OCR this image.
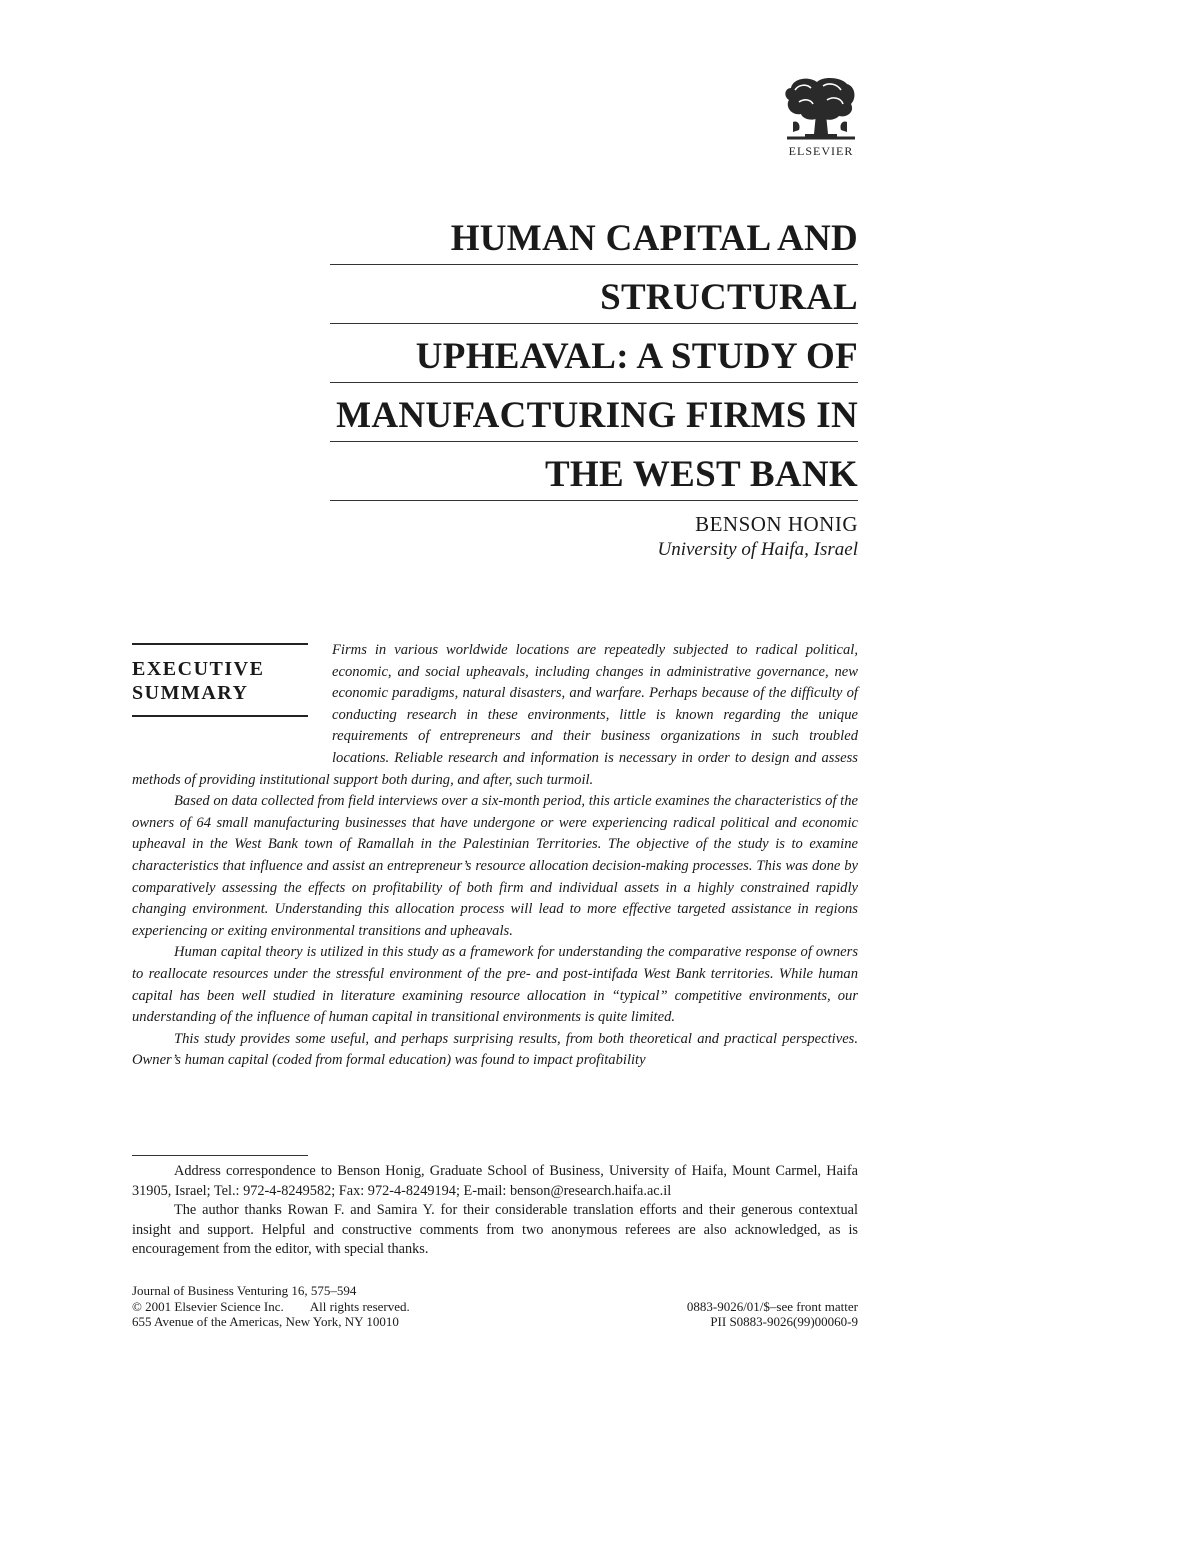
ELSEVIER
HUMAN CAPITAL AND
STRUCTURAL
UPHEAVAL: A STUDY OF
MANUFACTURING FIRMS IN
THE WEST BANK
BENSON HONIG
University of Haifa, Israel
EXECUTIVE
SUMMARY

Firms in various worldwide locations are repeatedly subjected to radical political, economic, and social upheavals, including changes in administrative governance, new economic paradigms, natural disasters, and warfare. Perhaps because of the difficulty of conducting research in these environments, little is known regarding the unique requirements of entrepreneurs and their business organizations in such troubled locations. Reliable research and information is necessary in order to design and assess methods of providing institutional support both during, and after, such turmoil.

Based on data collected from field interviews over a six-month period, this article examines the characteristics of the owners of 64 small manufacturing businesses that have undergone or were experiencing radical political and economic upheaval in the West Bank town of Ramallah in the Palestinian Territories. The objective of the study is to examine characteristics that influence and assist an entrepreneur’s resource allocation decision-making processes. This was done by comparatively assessing the effects on profitability of both firm and individual assets in a highly constrained rapidly changing environment. Understanding this allocation process will lead to more effective targeted assistance in regions experiencing or exiting environmental transitions and upheavals.

Human capital theory is utilized in this study as a framework for understanding the comparative response of owners to reallocate resources under the stressful environment of the pre- and post-intifada West Bank territories. While human capital has been well studied in literature examining resource allocation in “typical” competitive environments, our understanding of the influence of human capital in transitional environments is quite limited.

This study provides some useful, and perhaps surprising results, from both theoretical and practical perspectives. Owner’s human capital (coded from formal education) was found to impact profitability

Address correspondence to Benson Honig, Graduate School of Business, University of Haifa, Mount Carmel, Haifa 31905, Israel; Tel.: 972-4-8249582; Fax: 972-4-8249194; E-mail: benson@research.haifa.ac.il

The author thanks Rowan F. and Samira Y. for their considerable translation efforts and their generous contextual insight and support. Helpful and constructive comments from two anonymous referees are also acknowledged, as is encouragement from the editor, with special thanks.

Journal of Business Venturing 16, 575–594
© 2001 Elsevier Science Inc. All rights reserved.	0883-9026/01/$–see front matter
655 Avenue of the Americas, New York, NY 10010	PII S0883-9026(99)00060-9
